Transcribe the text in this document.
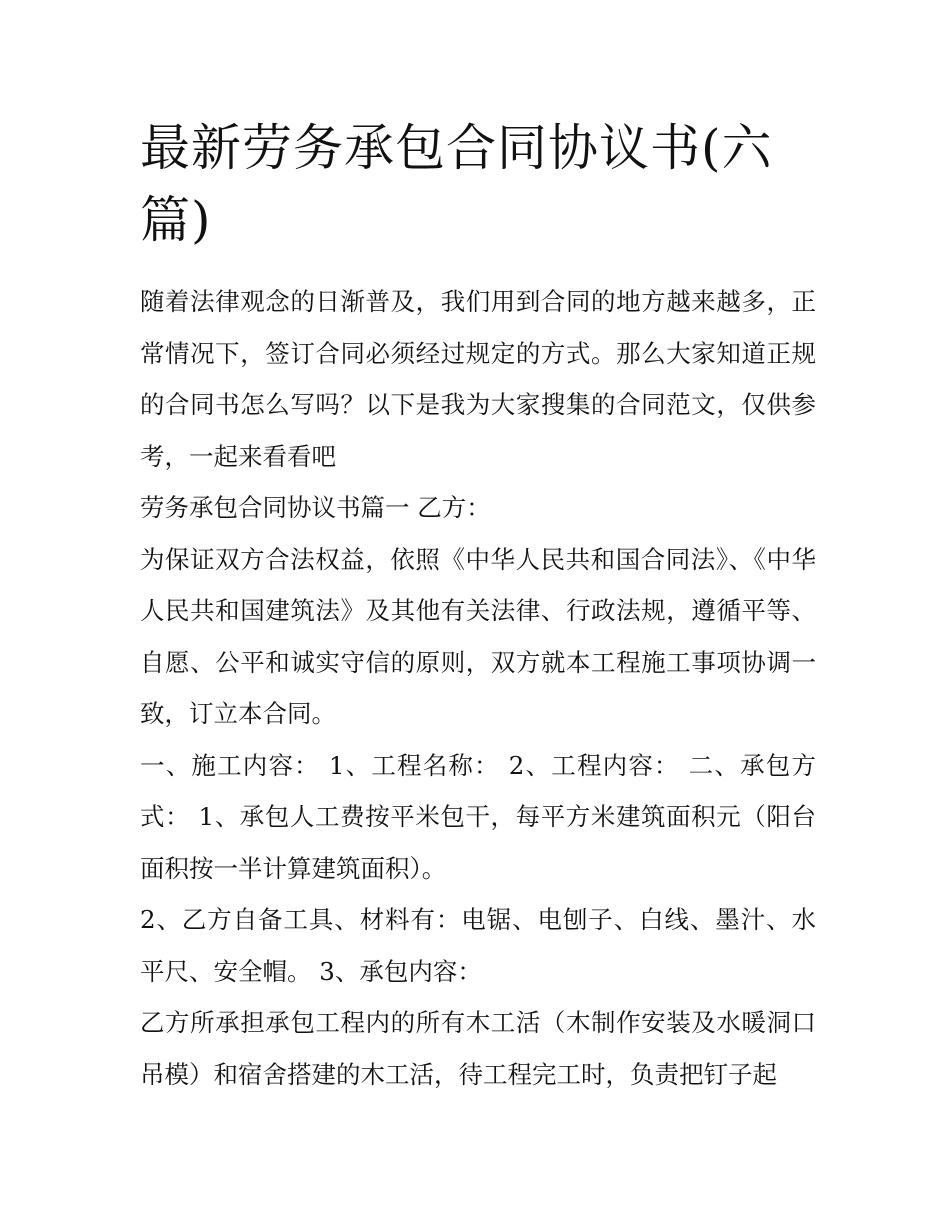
最新劳务承包合同协议书(六篇)

随着法律观念的日渐普及，我们用到合同的地方越来越多，正常情况下，签订合同必须经过规定的方式。那么大家知道正规的合同书怎么写吗？以下是我为大家搜集的合同范文，仅供参考，一起来看看吧

劳务承包合同协议书篇一 乙方：

为保证双方合法权益，依照《中华人民共和国合同法》、《中华人民共和国建筑法》及其他有关法律、行政法规，遵循平等、自愿、公平和诚实守信的原则，双方就本工程施工事项协调一致，订立本合同。

一、施工内容： 1、工程名称： 2、工程内容： 二、承包方式： 1、承包人工费按平米包干，每平方米建筑面积元（阳台面积按一半计算建筑面积）。

2、乙方自备工具、材料有：电锯、电刨子、白线、墨汁、水平尺、安全帽。 3、承包内容：

乙方所承担承包工程内的所有木工活（木制作安装及水暖洞口吊模）和宿舍搭建的木工活，待工程完工时，负责把钉子起
